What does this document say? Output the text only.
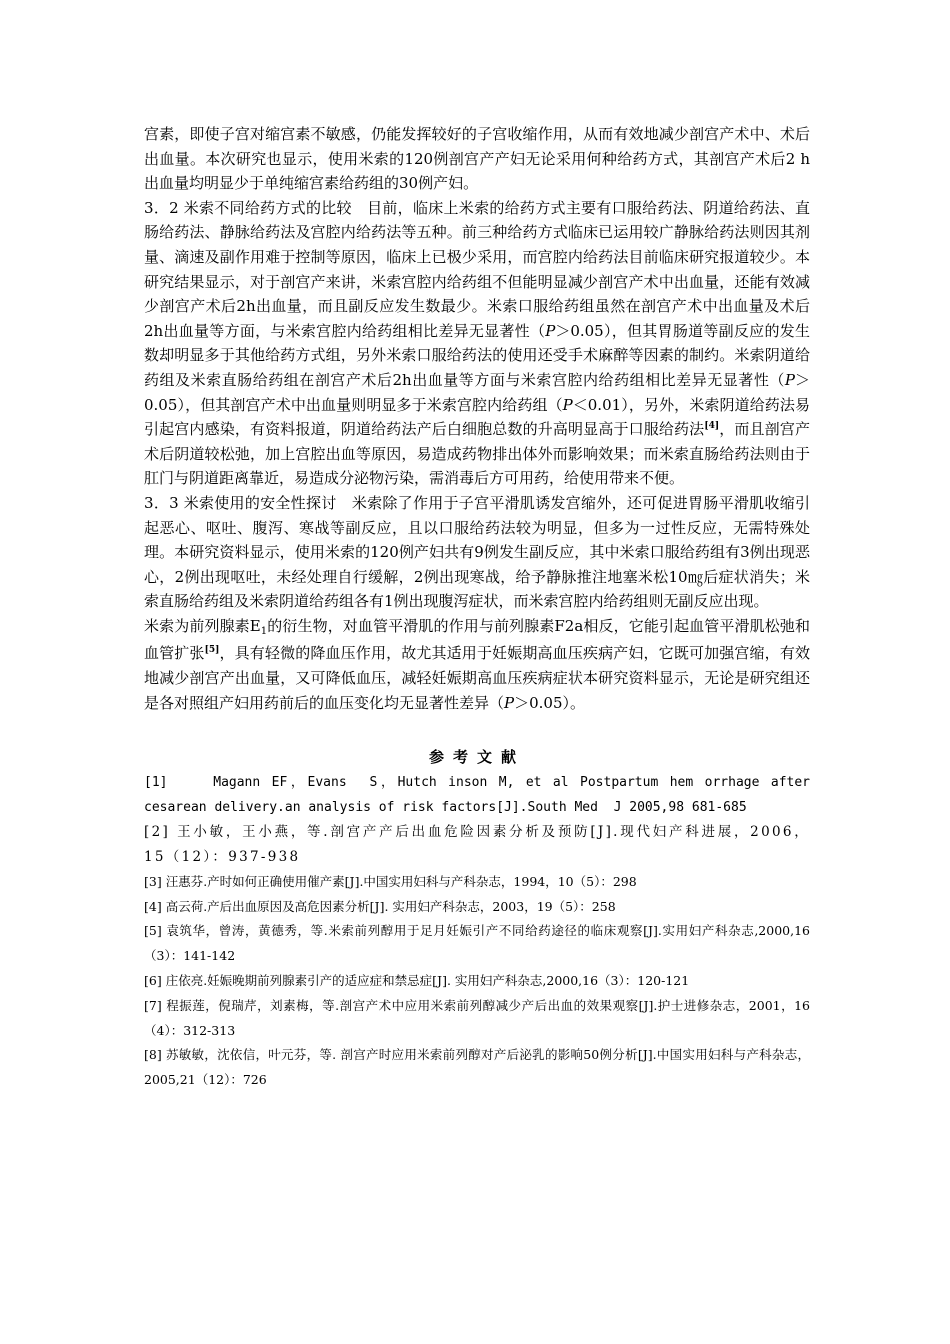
宫素，即使子宫对缩宫素不敏感，仍能发挥较好的子宫收缩作用，从而有效地减少剖宫产术中、术后出血量。本次研究也显示，使用米索的120例剖宫产产妇无论采用何种给药方式，其剖宫产术后2 h出血量均明显少于单纯缩宫素给药组的30例产妇。

3．2 米索不同给药方式的比较　目前，临床上米索的给药方式主要有口服给药法、阴道给药法、直肠给药法、静脉给药法及宫腔内给药法等五种。前三种给药方式临床已运用较广静脉给药法则因其剂量、滴速及副作用难于控制等原因，临床上已极少采用，而宫腔内给药法目前临床研究报道较少。本研究结果显示，对于剖宫产来讲，米索宫腔内给药组不但能明显减少剖宫产术中出血量，还能有效减少剖宫产术后2h出血量，而且副反应发生数最少。米索口服给药组虽然在剖宫产术中出血量及术后2h出血量等方面，与米索宫腔内给药组相比差异无显著性（P＞0.05），但其胃肠道等副反应的发生数却明显多于其他给药方式组，另外米索口服给药法的使用还受手术麻醉等因素的制约。米索阴道给药组及米索直肠给药组在剖宫产术后2h出血量等方面与米索宫腔内给药组相比差异无显著性（P＞0.05），但其剖宫产术中出血量则明显多于米索宫腔内给药组（P＜0.01），另外，米索阴道给药法易引起宫内感染，有资料报道，阴道给药法产后白细胞总数的升高明显高于口服给药法[4]，而且剖宫产术后阴道较松弛，加上宫腔出血等原因，易造成药物排出体外而影响效果；而米索直肠给药法则由于肛门与阴道距离靠近，易造成分泌物污染，需消毒后方可用药，给使用带来不便。

3．3 米索使用的安全性探讨　米索除了作用于子宫平滑肌诱发宫缩外，还可促进胃肠平滑肌收缩引起恶心、呕吐、腹泻、寒战等副反应，且以口服给药法较为明显，但多为一过性反应，无需特殊处理。本研究资料显示，使用米索的120例产妇共有9例发生副反应，其中米索口服给药组有3例出现恶心，2例出现呕吐，未经处理自行缓解，2例出现寒战，给予静脉推注地塞米松10㎎后症状消失；米索直肠给药组及米索阴道给药组各有1例出现腹泻症状，而米索宫腔内给药组则无副反应出现。

米索为前列腺素$E_1$的衍生物，对血管平滑肌的作用与前列腺素F2a相反，它能引起血管平滑肌松弛和血管扩张[5]，具有轻微的降血压作用，故尤其适用于妊娠期高血压疾病产妇，它既可加强宫缩，有效地减少剖宫产出血量，又可降低血压，减轻妊娠期高血压疾病症状本研究资料显示，无论是研究组还是各对照组产妇用药前后的血压变化均无显著性差异（P＞0.05）。

参考文献

[1]	Magann EF，Evans  S，Hutch inson M, et al Postpartum hem orrhage after cesarean delivery.an analysis of risk factors[J].South Med  J 2005,98 681-685

[2] 王小敏，王小燕，等.剖宫产产后出血危险因素分析及预防[J].现代妇产科进展，2006，15（12）：937-938

[3] 汪惠芬.产时如何正确使用催产素[J].中国实用妇科与产科杂志，1994，10（5）：298

[4] 高云荷.产后出血原因及高危因素分析[J]. 实用妇产科杂志，2003，19（5）：258

[5] 袁筑华，曾涛，黄德秀，等.米索前列醇用于足月妊娠引产不同给药途径的临床观察[J].实用妇产科杂志,2000,16（3）：141-142

[6] 庄依亮.妊娠晚期前列腺素引产的适应症和禁忌症[J]. 实用妇产科杂志,2000,16（3）：120-121

[7] 程振莲，倪瑞芹，刘素梅，等.剖宫产术中应用米索前列醇减少产后出血的效果观察[J].护士进修杂志，2001，16（4）：312-313

[8] 苏敏敏，沈依信，叶元芬，等. 剖宫产时应用米索前列醇对产后泌乳的影响50例分析[J].中国实用妇科与产科杂志，2005,21（12）：726
